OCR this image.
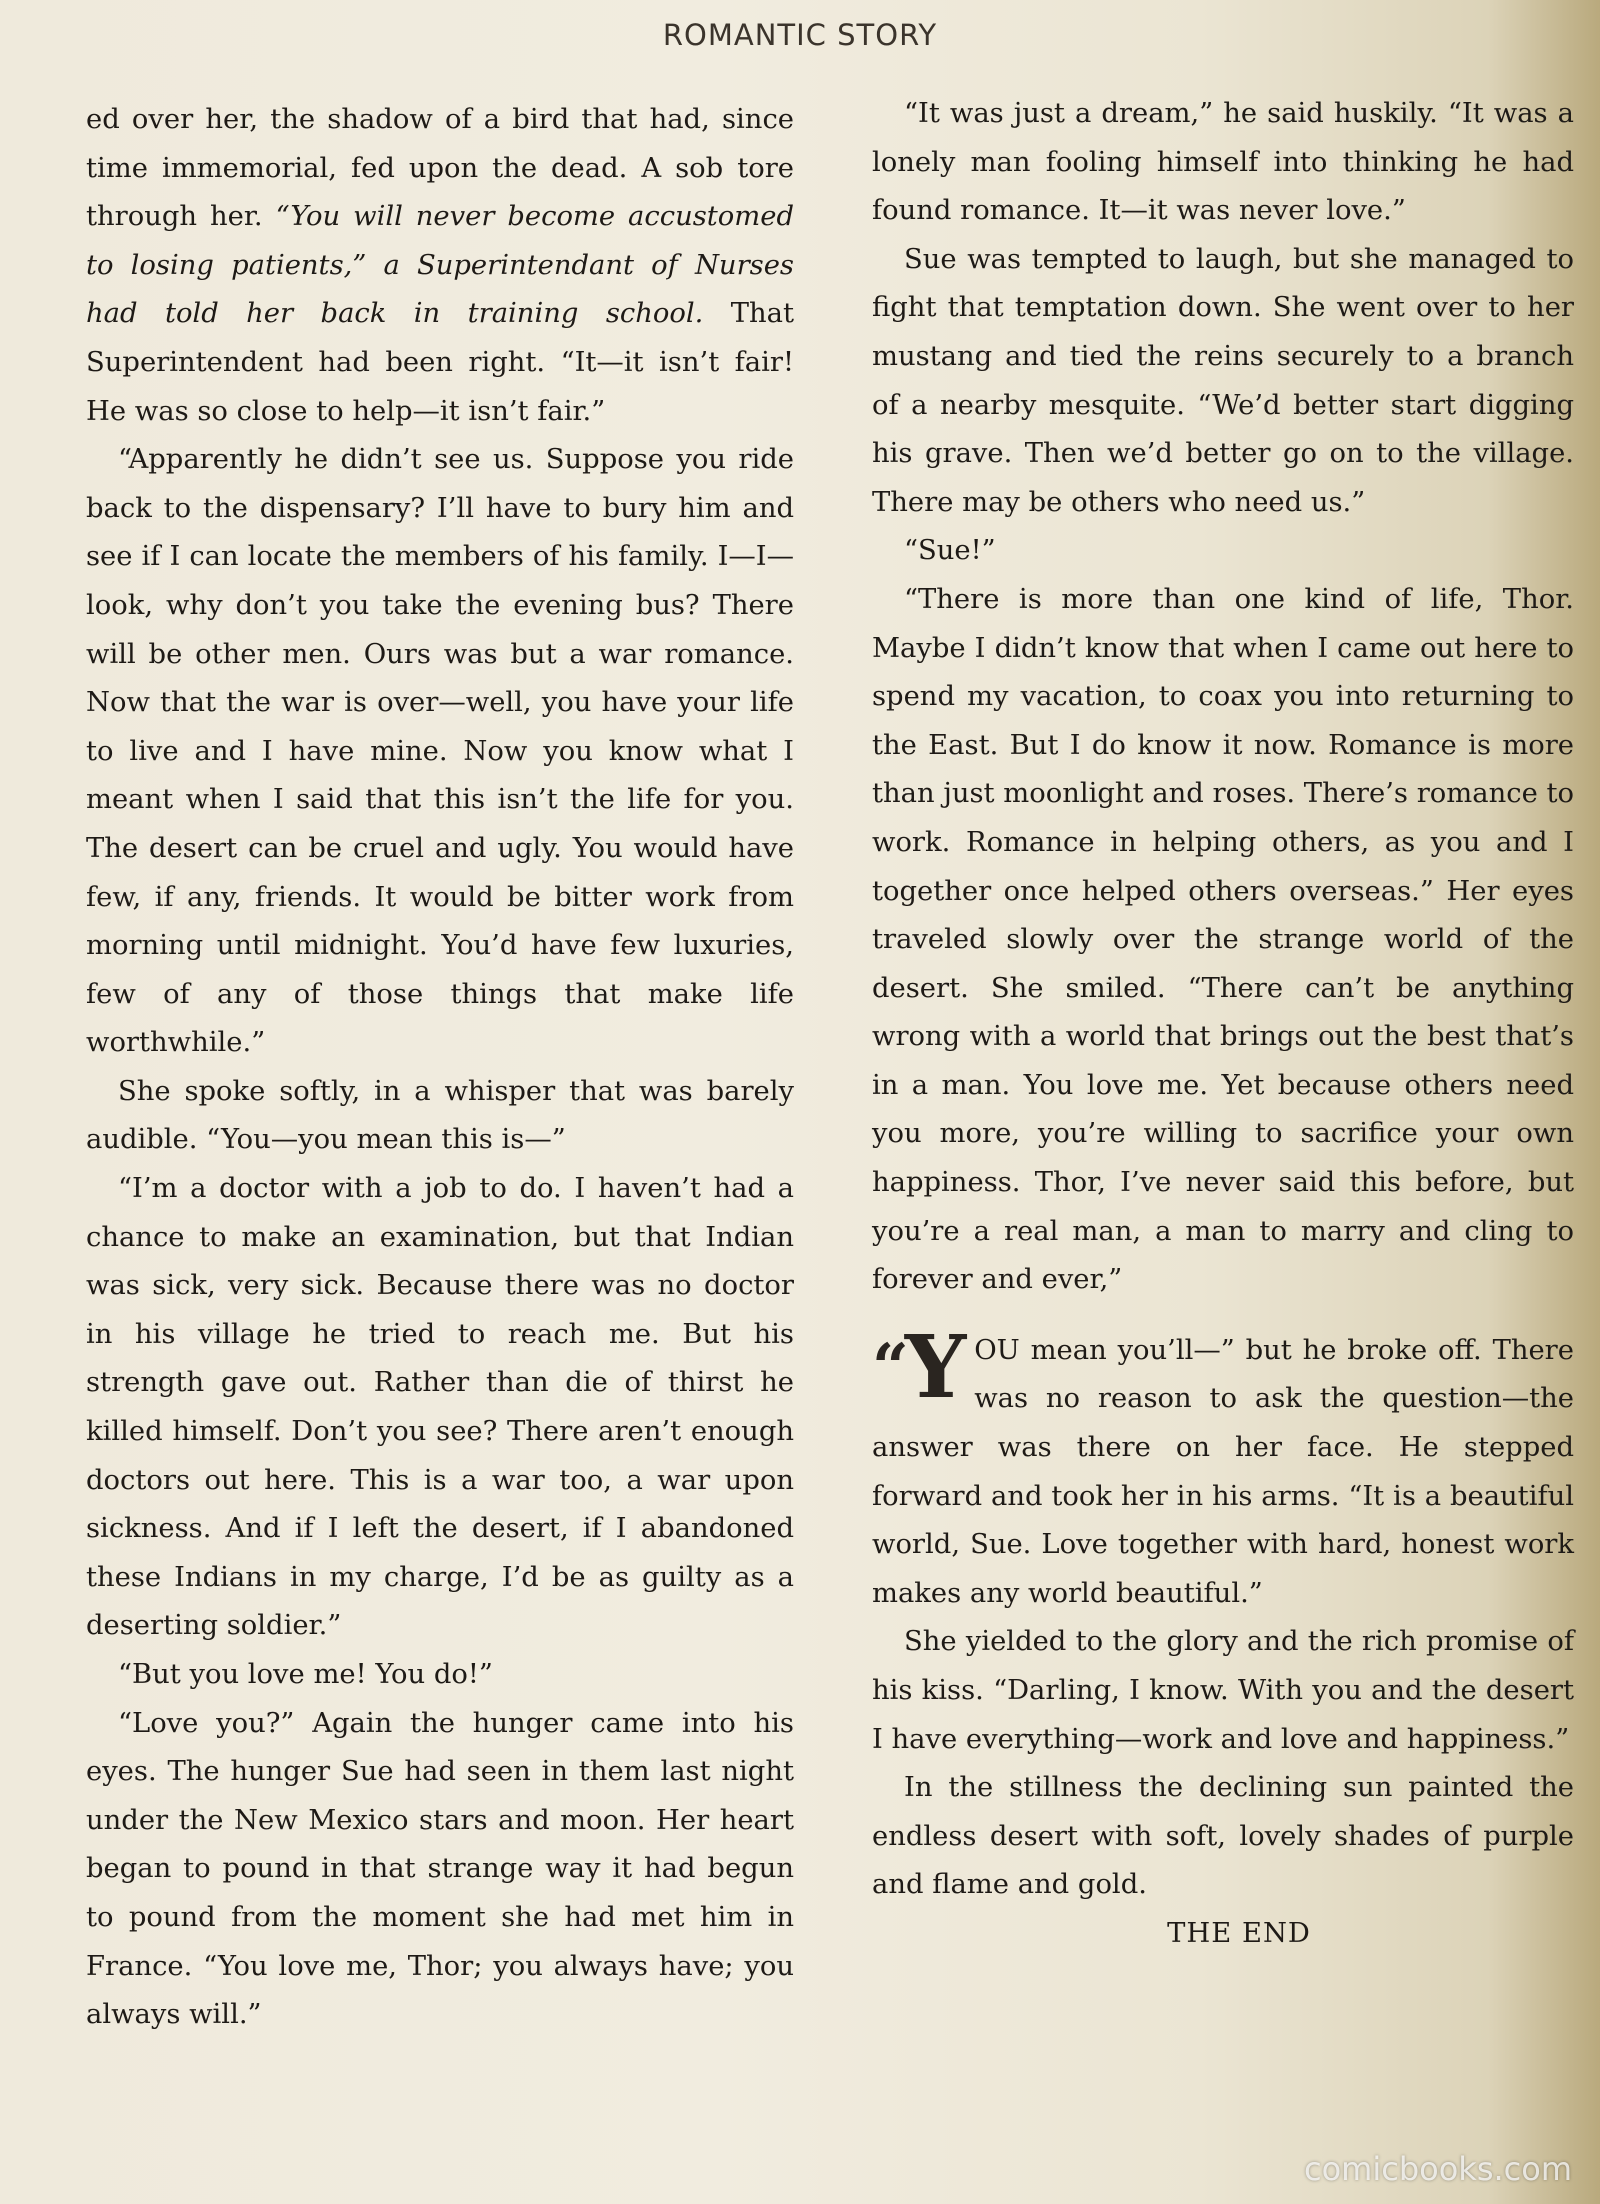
ROMANTIC STORY

ed over her, the shadow of a bird that had, since time immemorial, fed upon the dead. A sob tore through her. “You will never become accustomed to losing patients,” a Superintendant of Nurses had told her back in training school. That Superintendent had been right. “It—it isn’t fair! He was so close to help—it isn’t fair.”

“Apparently he didn’t see us. Suppose you ride back to the dispensary? I’ll have to bury him and see if I can locate the members of his family. I—I—look, why don’t you take the evening bus? There will be other men. Ours was but a war romance. Now that the war is over—well, you have your life to live and I have mine. Now you know what I meant when I said that this isn’t the life for you. The desert can be cruel and ugly. You would have few, if any, friends. It would be bitter work from morning until midnight. You’d have few luxuries, few of any of those things that make life worthwhile.”

She spoke softly, in a whisper that was barely audible. “You—you mean this is—”

“I’m a doctor with a job to do. I haven’t had a chance to make an examination, but that Indian was sick, very sick. Because there was no doctor in his village he tried to reach me. But his strength gave out. Rather than die of thirst he killed himself. Don’t you see? There aren’t enough doctors out here. This is a war too, a war upon sickness. And if I left the desert, if I abandoned these Indians in my charge, I’d be as guilty as a deserting soldier.”

“But you love me! You do!”

“Love you?” Again the hunger came into his eyes. The hunger Sue had seen in them last night under the New Mexico stars and moon. Her heart began to pound in that strange way it had begun to pound from the moment she had met him in France. “You love me, Thor; you always have; you always will.”

“It was just a dream,” he said huskily. “It was a lonely man fooling himself into thinking he had found romance. It—it was never love.”

Sue was tempted to laugh, but she managed to fight that temptation down. She went over to her mustang and tied the reins securely to a branch of a nearby mesquite. “We’d better start digging his grave. Then we’d better go on to the village. There may be others who need us.”

“Sue!”

“There is more than one kind of life, Thor. Maybe I didn’t know that when I came out here to spend my vacation, to coax you into returning to the East. But I do know it now. Romance is more than just moonlight and roses. There’s romance to work. Romance in helping others, as you and I together once helped others overseas.” Her eyes traveled slowly over the strange world of the desert. She smiled. “There can’t be anything wrong with a world that brings out the best that’s in a man. You love me. Yet because others need you more, you’re willing to sacrifice your own happiness. Thor, I’ve never said this before, but you’re a real man, a man to marry and cling to forever and ever,”

“Y OU mean you’ll—” but he broke off. There was no reason to ask the question—the answer was there on her face. He stepped forward and took her in his arms. “It is a beautiful world, Sue. Love together with hard, honest work makes any world beautiful.”

She yielded to the glory and the rich promise of his kiss. “Darling, I know. With you and the desert I have everything—work and love and happiness.”

In the stillness the declining sun painted the endless desert with soft, lovely shades of purple and flame and gold.

THE END

comicbooks.com
